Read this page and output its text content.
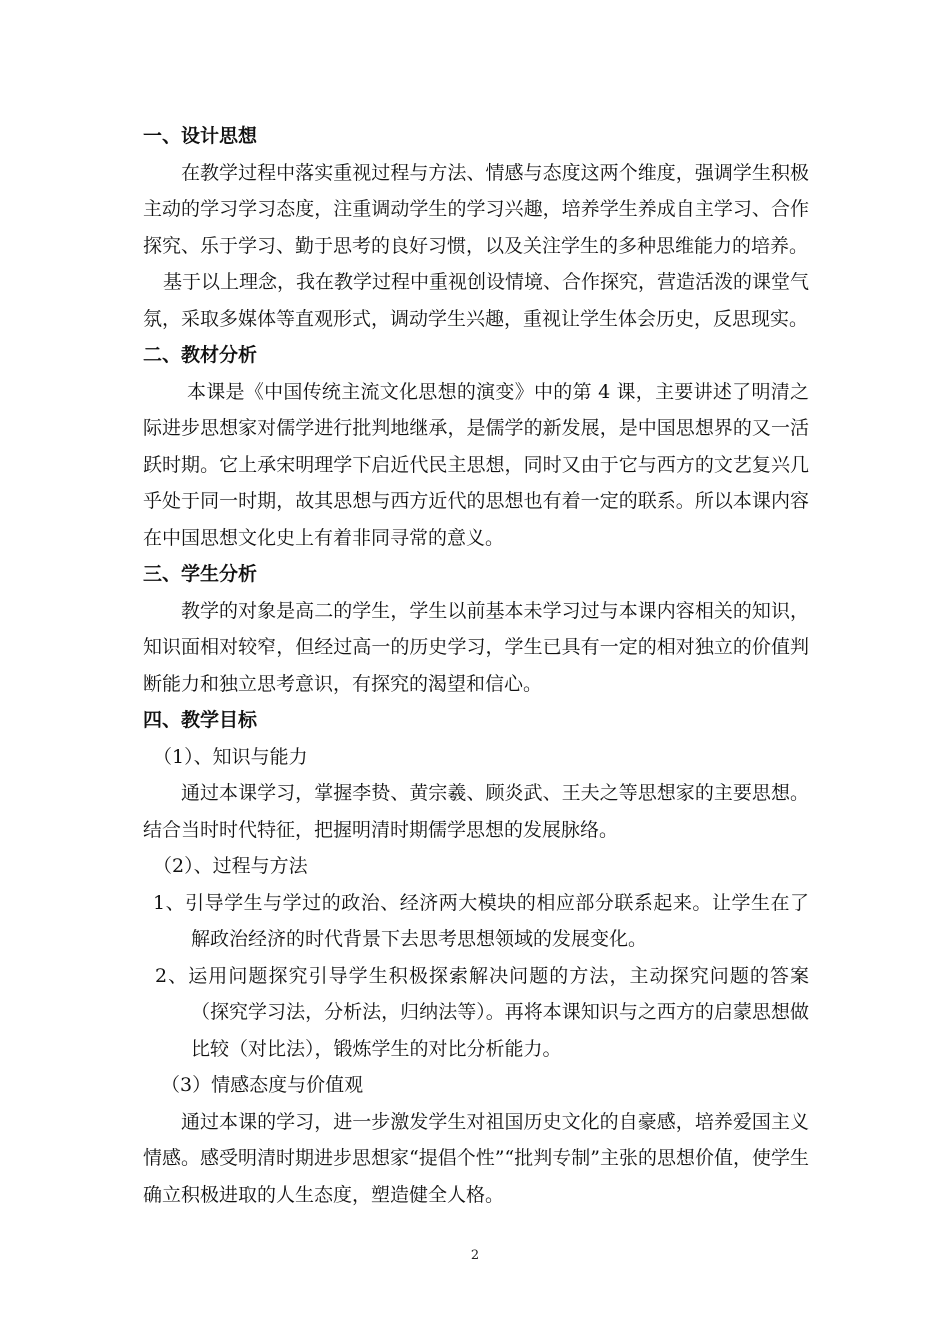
一、设计思想

在教学过程中落实重视过程与方法、情感与态度这两个维度，强调学生积极主动的学习学习态度，注重调动学生的学习兴趣，培养学生养成自主学习、合作探究、乐于学习、勤于思考的良好习惯，以及关注学生的多种思维能力的培养。

基于以上理念，我在教学过程中重视创设情境、合作探究，营造活泼的课堂气氛，采取多媒体等直观形式，调动学生兴趣，重视让学生体会历史，反思现实。

二、教材分析

本课是《中国传统主流文化思想的演变》中的第 4 课，主要讲述了明清之际进步思想家对儒学进行批判地继承，是儒学的新发展，是中国思想界的又一活跃时期。它上承宋明理学下启近代民主思想，同时又由于它与西方的文艺复兴几乎处于同一时期，故其思想与西方近代的思想也有着一定的联系。所以本课内容在中国思想文化史上有着非同寻常的意义。

三、学生分析

教学的对象是高二的学生，学生以前基本未学习过与本课内容相关的知识，知识面相对较窄，但经过高一的历史学习，学生已具有一定的相对独立的价值判断能力和独立思考意识，有探究的渴望和信心。

四、教学目标

（1）、知识与能力

通过本课学习，掌握李贽、黄宗羲、顾炎武、王夫之等思想家的主要思想。结合当时时代特征，把握明清时期儒学思想的发展脉络。

（2）、过程与方法

1、引导学生与学过的政治、经济两大模块的相应部分联系起来。让学生在了解政治经济的时代背景下去思考思想领域的发展变化。

2、运用问题探究引导学生积极探索解决问题的方法，主动探究问题的答案（探究学习法，分析法，归纳法等）。再将本课知识与之西方的启蒙思想做比较（对比法），锻炼学生的对比分析能力。

（3）情感态度与价值观

通过本课的学习，进一步激发学生对祖国历史文化的自豪感，培养爱国主义情感。感受明清时期进步思想家“提倡个性”“批判专制”主张的思想价值，使学生确立积极进取的人生态度，塑造健全人格。

2
